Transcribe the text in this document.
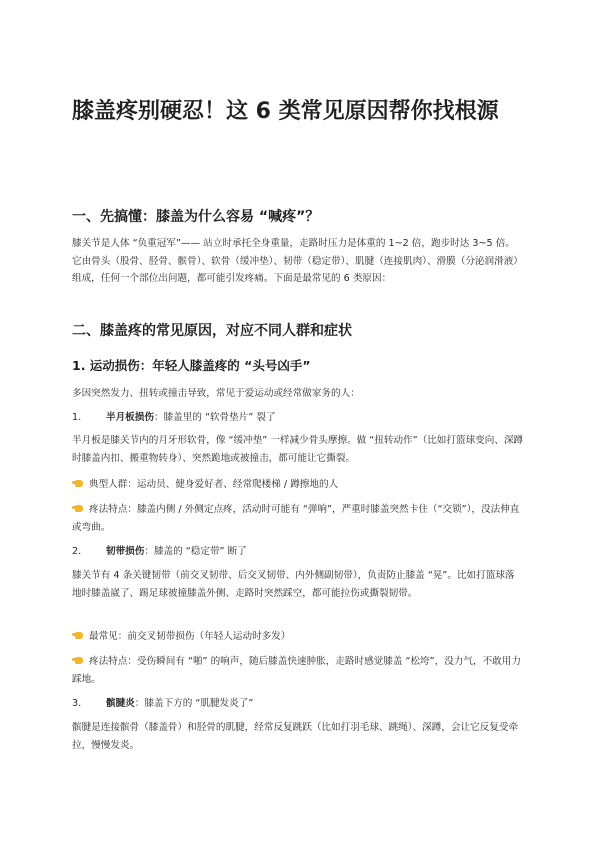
膝盖疼别硬忍！这 6 类常见原因帮你找根源
一、先搞懂：膝盖为什么容易 “喊疼”？

膝关节是人体 “负重冠军”—— 站立时承托全身重量，走路时压力是体重的 1~2 倍，跑步时达 3~5 倍。它由骨头（股骨、胫骨、髌骨）、软骨（缓冲垫）、韧带（稳定带）、肌腱（连接肌肉）、滑膜（分泌润滑液）组成，任何一个部位出问题，都可能引发疼痛。下面是最常见的 6 类原因：

二、膝盖疼的常见原因，对应不同人群和症状
1. 运动损伤：年轻人膝盖疼的 “头号凶手”

多因突然发力、扭转或撞击导致，常见于爱运动或经常做家务的人：

1.	半月板损伤：膝盖里的 “软骨垫片” 裂了

半月板是膝关节内的月牙形软骨，像 “缓冲垫” 一样减少骨头摩擦。做 “扭转动作”（比如打篮球变向、深蹲时膝盖内扣、搬重物转身）、突然跪地或被撞击，都可能让它撕裂。

典型人群：运动员、健身爱好者、经常爬楼梯 / 蹲擦地的人
疼法特点：膝盖内侧 / 外侧定点疼，活动时可能有 “弹响”，严重时膝盖突然卡住（“交锁”），没法伸直或弯曲。
2.	韧带损伤：膝盖的 “稳定带” 断了

膝关节有 4 条关键韧带（前交叉韧带、后交叉韧带、内外侧副韧带），负责防止膝盖 “晃”。比如打篮球落地时膝盖崴了、踢足球被撞膝盖外侧、走路时突然踩空，都可能拉伤或撕裂韧带。

最常见：前交叉韧带损伤（年轻人运动时多发）
疼法特点：受伤瞬间有 “啪” 的响声，随后膝盖快速肿胀，走路时感觉膝盖 “松垮”，没力气，不敢用力踩地。
3.	髌腱炎：膝盖下方的 “肌腱发炎了”

髌腱是连接髌骨（膝盖骨）和胫骨的肌腱，经常反复跳跃（比如打羽毛球、跳绳）、深蹲，会让它反复受牵拉，慢慢发炎。
